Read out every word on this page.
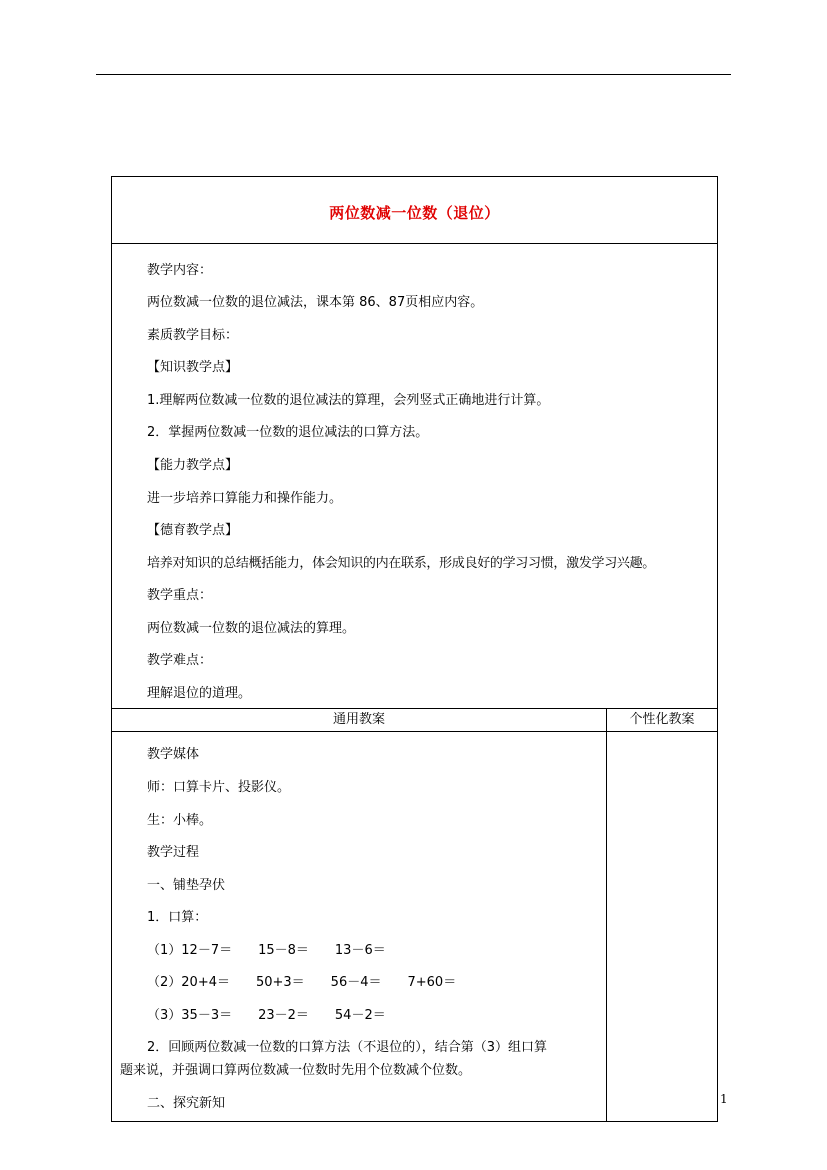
两位数减一位数（退位）
教学内容：
两位数减一位数的退位减法，课本第 86、87页相应内容。
素质教学目标：
【知识教学点】
1.理解两位数减一位数的退位减法的算理，会列竖式正确地进行计算。
2．掌握两位数减一位数的退位减法的口算方法。
【能力教学点】
进一步培养口算能力和操作能力。
【德育教学点】
培养对知识的总结概括能力，体会知识的内在联系，形成良好的学习习惯，激发学习兴趣。
教学重点：
两位数减一位数的退位减法的算理。
教学难点：
理解退位的道理。
通用教案	个性化教案
教学媒体
师：口算卡片、投影仪。
生：小棒。
教学过程
一、铺垫孕伏
1．口算：
（1）12－7＝　　15－8＝　　13－6＝
（2）20+4＝　　50+3＝　　56－4＝　　7+60＝
（3）35－3＝　　23－2＝　　54－2＝
2．回顾两位数减一位数的口算方法（不退位的），结合第（3）组口算
题来说，并强调口算两位数减一位数时先用个位数减个位数。
二、探究新知	1
